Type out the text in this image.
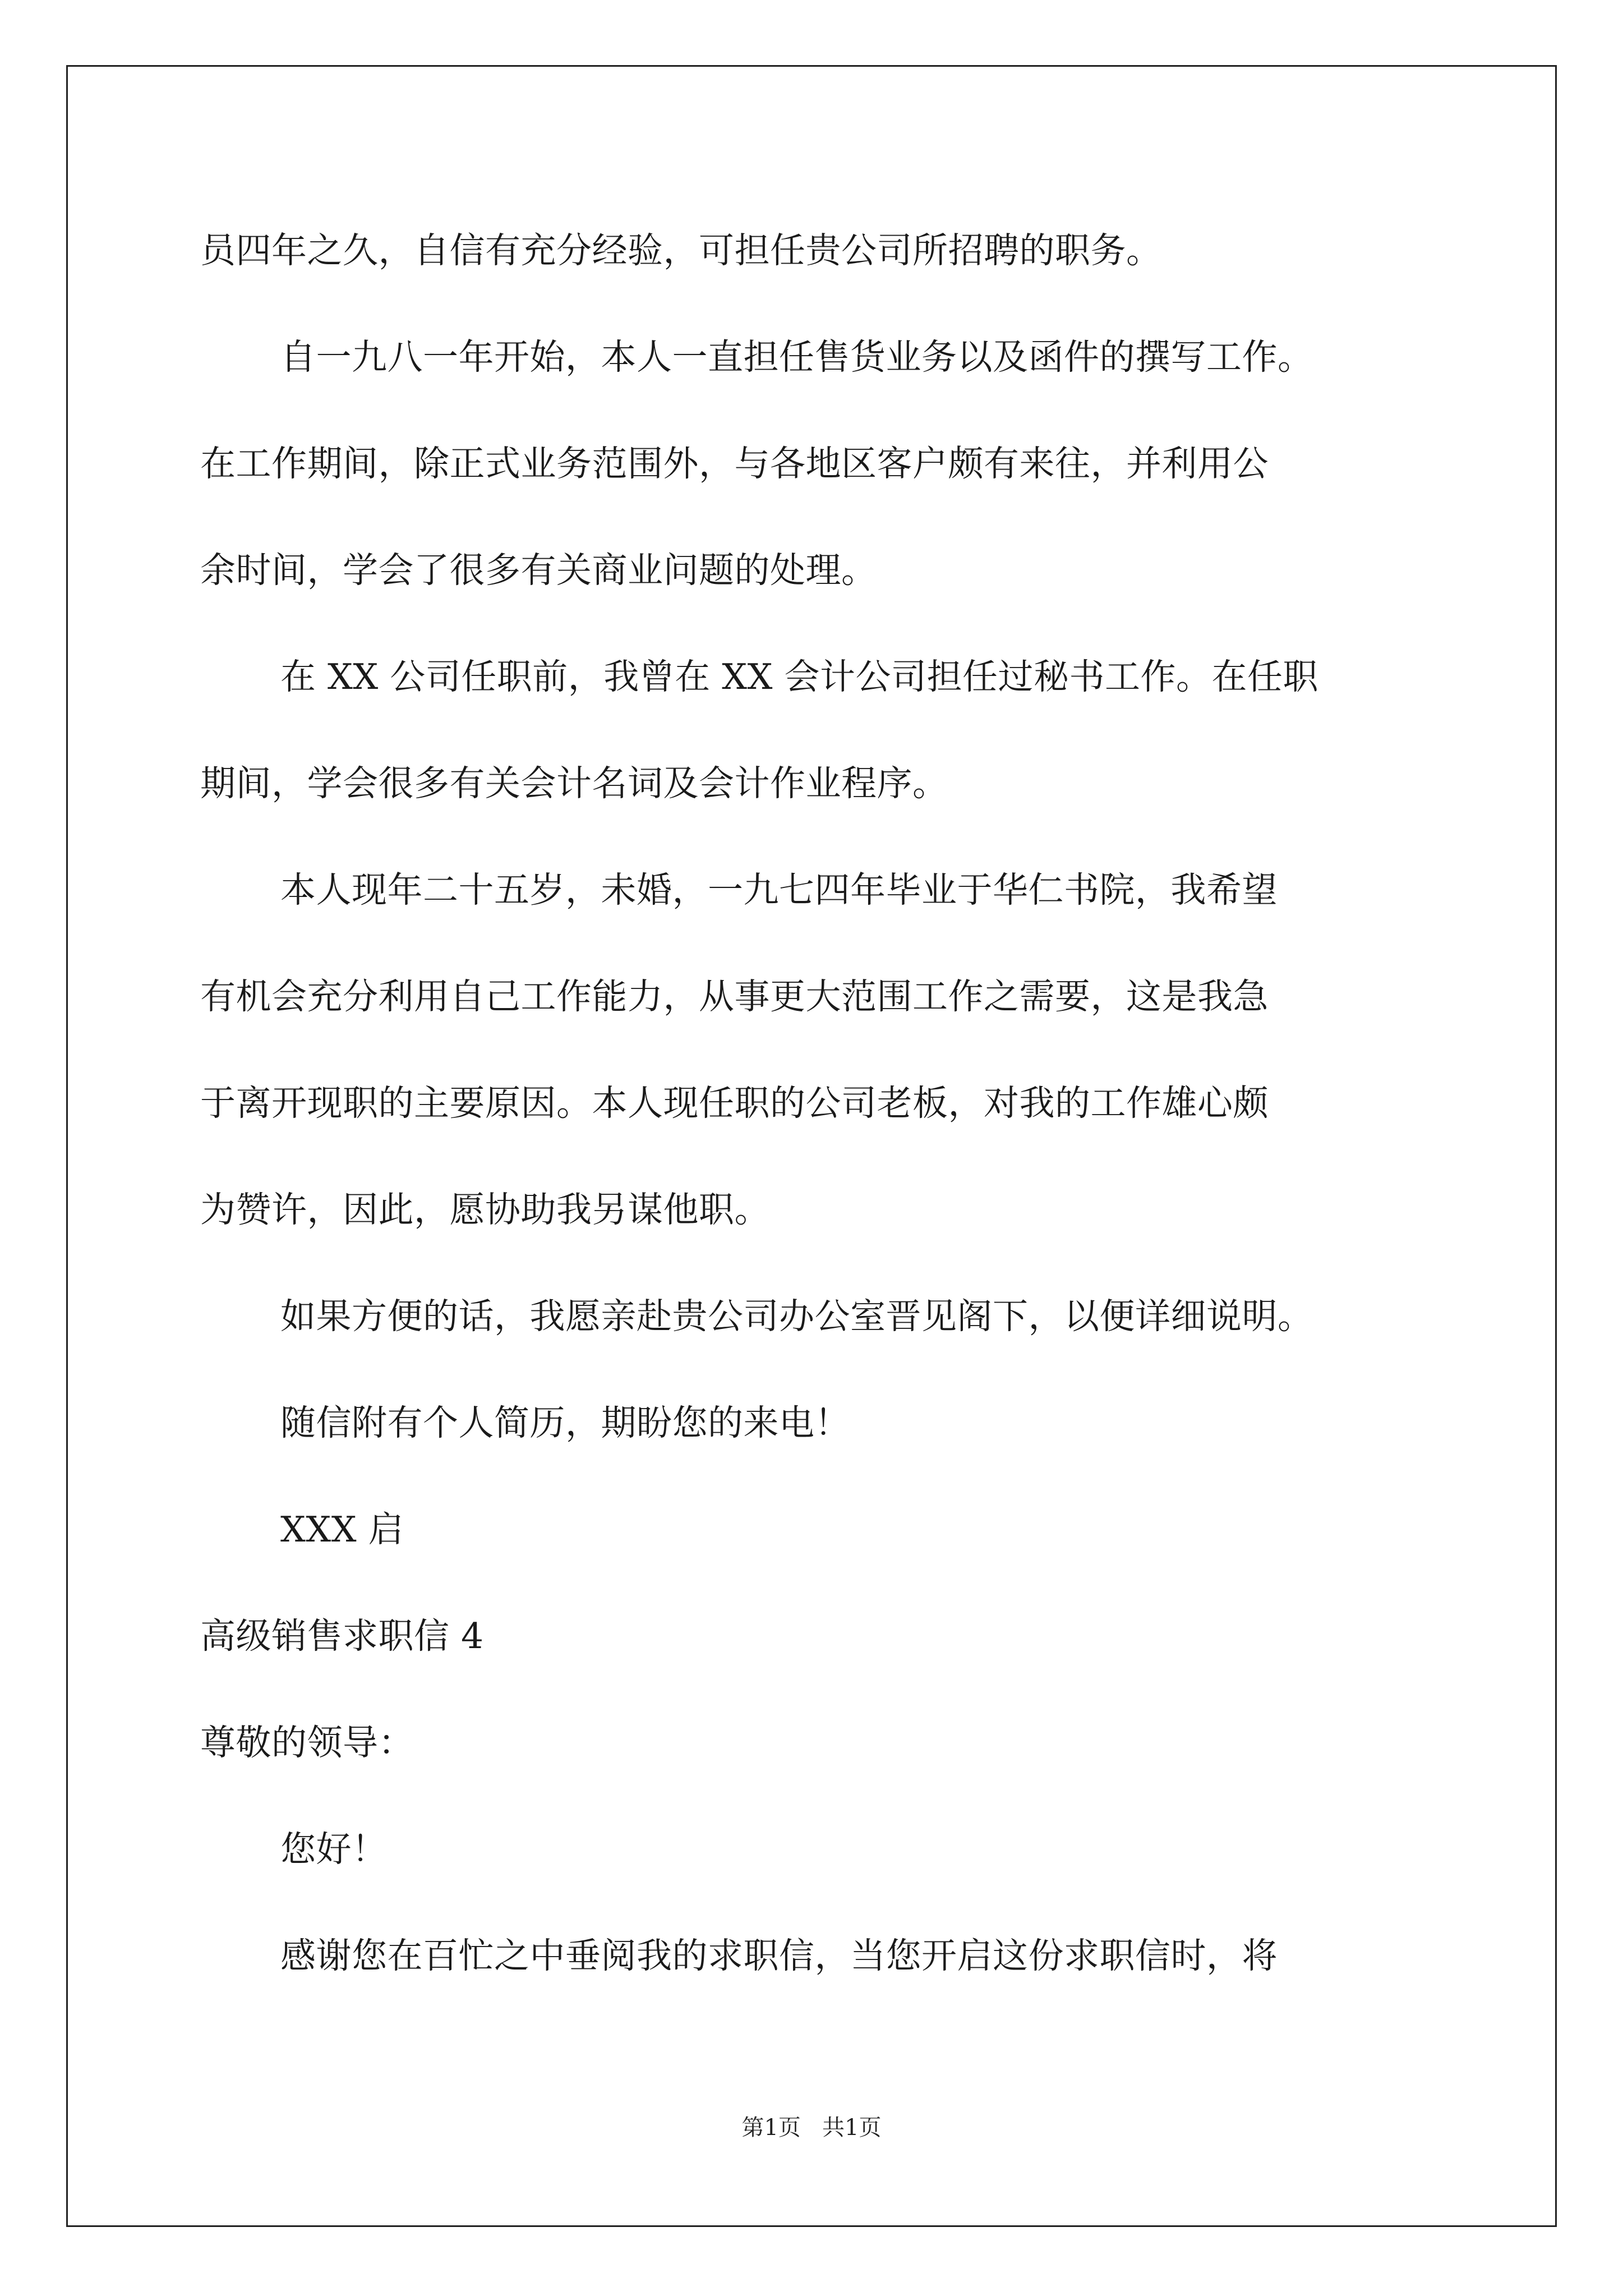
员四年之久，自信有充分经验，可担任贵公司所招聘的职务。
自一九八一年开始，本人一直担任售货业务以及函件的撰写工作。
在工作期间，除正式业务范围外，与各地区客户颇有来往，并利用公
余时间，学会了很多有关商业问题的处理。
在 XX 公司任职前，我曾在 XX 会计公司担任过秘书工作。在任职
期间，学会很多有关会计名词及会计作业程序。
本人现年二十五岁，未婚，一九七四年毕业于华仁书院，我希望
有机会充分利用自己工作能力，从事更大范围工作之需要，这是我急
于离开现职的主要原因。本人现任职的公司老板，对我的工作雄心颇
为赞许，因此，愿协助我另谋他职。
如果方便的话，我愿亲赴贵公司办公室晋见阁下，以便详细说明。
随信附有个人简历，期盼您的来电！
XXX 启
高级销售求职信 4
尊敬的领导：
您好！
感谢您在百忙之中垂阅我的求职信，当您开启这份求职信时，将
第1页   共1页
